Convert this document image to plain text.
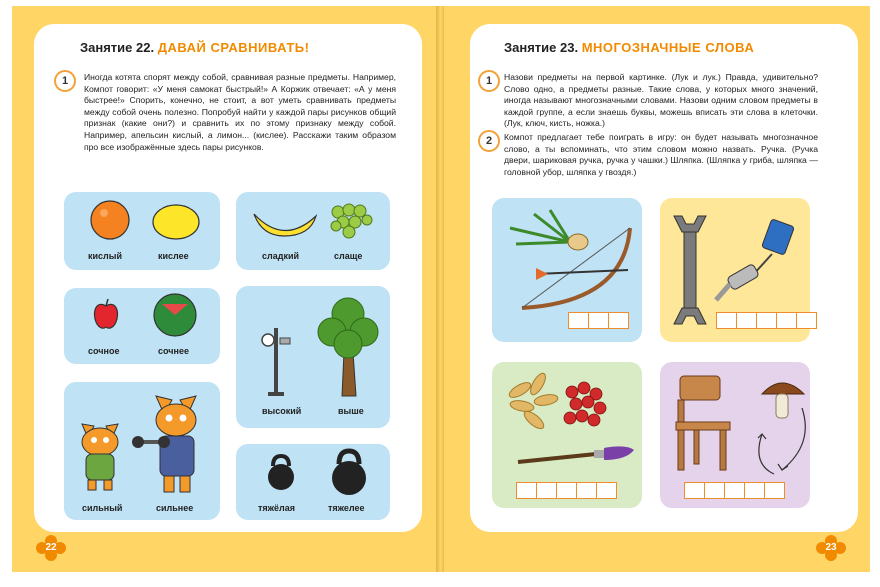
Занятие 22. ДАВАЙ СРАВНИВАТЬ!
1	Иногда котята спорят между собой, сравнивая разные предметы. Например, Компот говорит: «У меня самокат быстрый!» А Коржик отвечает: «А у меня быстрее!» Спорить, конечно, не стоит, а вот уметь сравнивать предметы между собой очень полезно. Попробуй найти у каждой пары рисунков общий признак (какие они?) и сравнить их по этому признаку между собой. Например, апельсин кислый, а лимон... (кислее). Расскажи таким образом про все изображённые здесь пары рисунков.
кислый	кислее	сладкий	слаще
сочное	сочнее
высокий	выше
сильный	сильнее	тяжёлая	тяжелее
22
Занятие 23. МНОГОЗНАЧНЫЕ СЛОВА
1	Назови предметы на первой картинке. (Лук и лук.) Правда, удивительно? Слово одно, а предметы разные. Такие слова, у которых много значений, иногда называют многозначными словами. Назови одним словом предметы в каждой группе, а если знаешь буквы, можешь вписать эти слова в клеточки. (Лук, ключ, кисть, ножка.)
2	Компот предлагает тебе поиграть в игру: он будет называть многозначное слово, а ты вспоминать, что этим словом можно назвать. Ручка. (Ручка двери, шариковая ручка, ручка у чашки.) Шляпка. (Шляпка у гриба, шляпка — головной убор, шляпка у гвоздя.)
23
